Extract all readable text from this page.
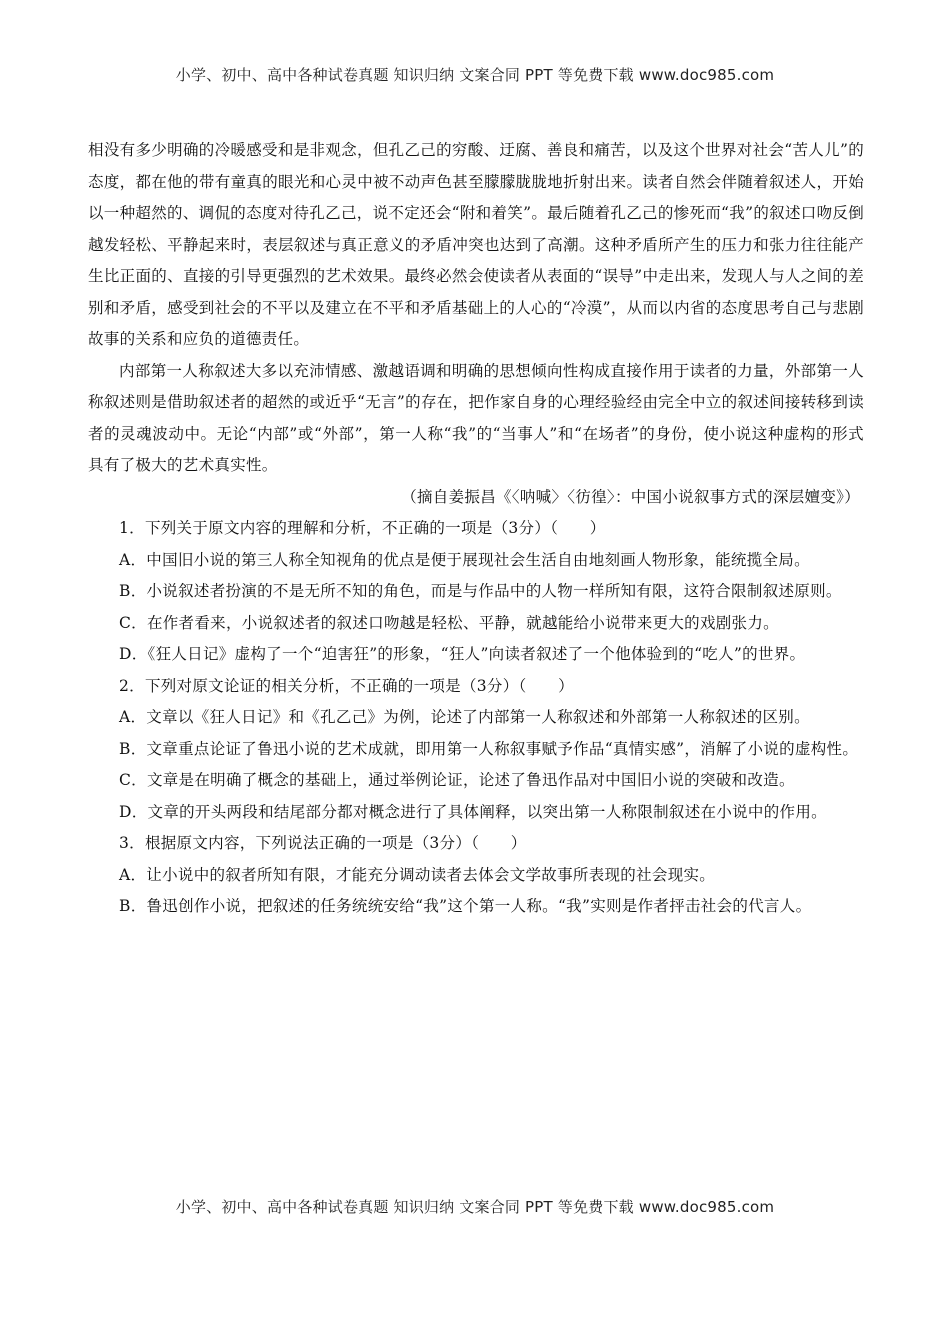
小学、初中、高中各种试卷真题 知识归纳 文案合同 PPT 等免费下载 www.doc985.com

相没有多少明确的冷暖感受和是非观念，但孔乙己的穷酸、迂腐、善良和痛苦，以及这个世界对社会“苦人儿”的态度，都在他的带有童真的眼光和心灵中被不动声色甚至朦朦胧胧地折射出来。读者自然会伴随着叙述人，开始以一种超然的、调侃的态度对待孔乙己，说不定还会“附和着笑”。最后随着孔乙己的惨死而“我”的叙述口吻反倒越发轻松、平静起来时，表层叙述与真正意义的矛盾冲突也达到了高潮。这种矛盾所产生的压力和张力往往能产生比正面的、直接的引导更强烈的艺术效果。最终必然会使读者从表面的“误导”中走出来，发现人与人之间的差别和矛盾，感受到社会的不平以及建立在不平和矛盾基础上的人心的“冷漠”，从而以内省的态度思考自己与悲剧故事的关系和应负的道德责任。

内部第一人称叙述大多以充沛情感、激越语调和明确的思想倾向性构成直接作用于读者的力量，外部第一人称叙述则是借助叙述者的超然的或近乎“无言”的存在，把作家自身的心理经验经由完全中立的叙述间接转移到读者的灵魂波动中。无论“内部”或“外部”，第一人称“我”的“当事人”和“在场者”的身份，使小说这种虚构的形式具有了极大的艺术真实性。

（摘自姜振昌《〈呐喊〉〈彷徨〉：中国小说叙事方式的深层嬗变》）

1．下列关于原文内容的理解和分析，不正确的一项是（3分）（　　）

A．中国旧小说的第三人称全知视角的优点是便于展现社会生活自由地刻画人物形象，能统揽全局。

B．小说叙述者扮演的不是无所不知的角色，而是与作品中的人物一样所知有限，这符合限制叙述原则。

C．在作者看来，小说叙述者的叙述口吻越是轻松、平静，就越能给小说带来更大的戏剧张力。

D．《狂人日记》虚构了一个“迫害狂”的形象，“狂人”向读者叙述了一个他体验到的“吃人”的世界。

2．下列对原文论证的相关分析，不正确的一项是（3分）（　　）

A．文章以《狂人日记》和《孔乙己》为例，论述了内部第一人称叙述和外部第一人称叙述的区别。

B．文章重点论证了鲁迅小说的艺术成就，即用第一人称叙事赋予作品“真情实感”，消解了小说的虚构性。

C．文章是在明确了概念的基础上，通过举例论证，论述了鲁迅作品对中国旧小说的突破和改造。

D．文章的开头两段和结尾部分都对概念进行了具体阐释，以突出第一人称限制叙述在小说中的作用。

3．根据原文内容，下列说法正确的一项是（3分）（　　）

A．让小说中的叙者所知有限，才能充分调动读者去体会文学故事所表现的社会现实。

B．鲁迅创作小说，把叙述的任务统统安给“我”这个第一人称。“我”实则是作者抨击社会的代言人。

小学、初中、高中各种试卷真题 知识归纳 文案合同 PPT 等免费下载 www.doc985.com
